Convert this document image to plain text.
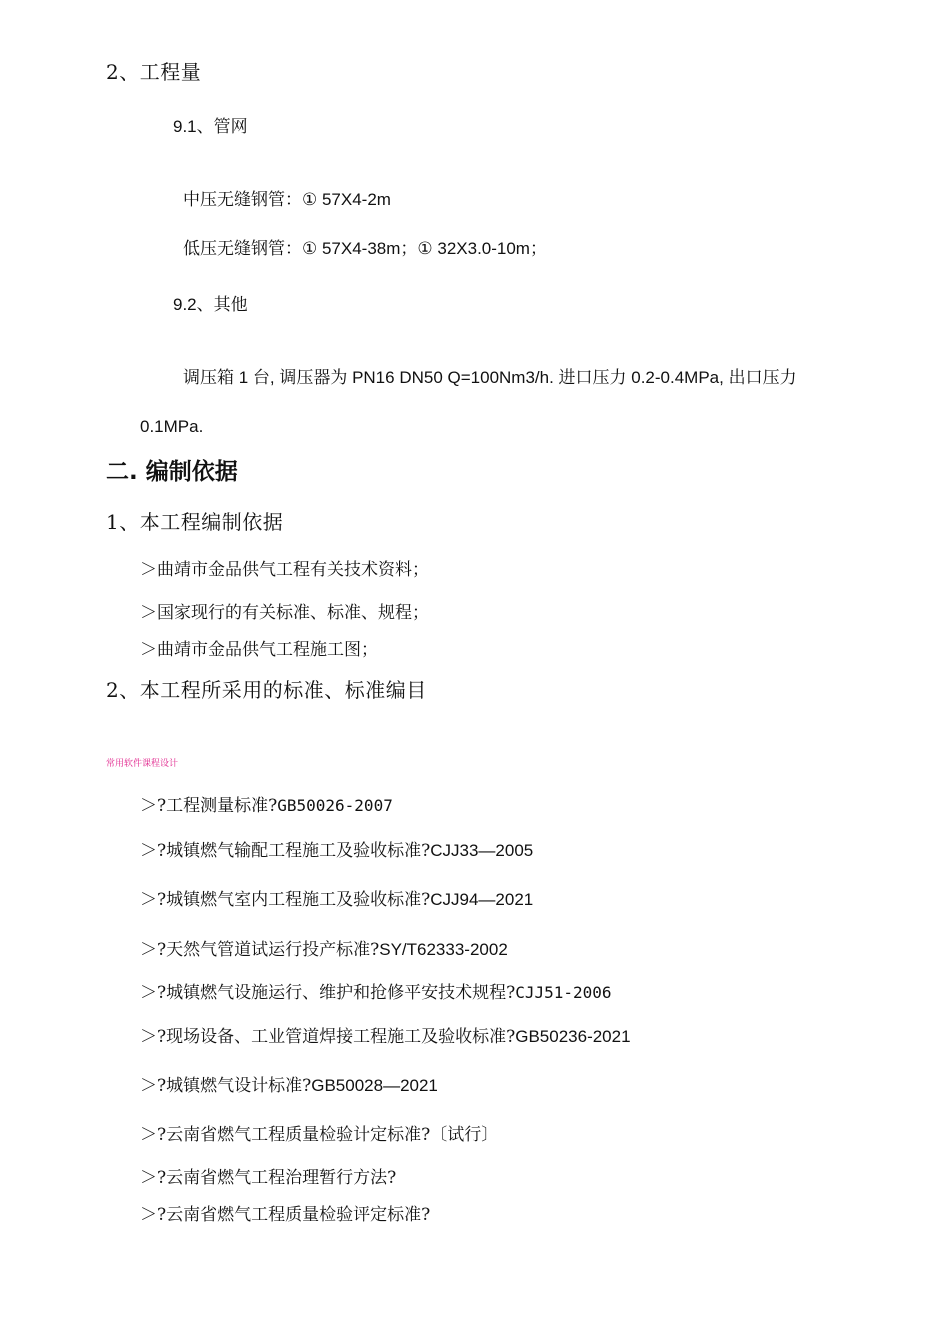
2、工程量
9.1、管网
中压无缝钢管：① 57X4-2m
低压无缝钢管：① 57X4-38m；① 32X3.0-10m；
9.2、其他
调压箱 1 台, 调压器为 PN16 DN50 Q=100Nm3/h. 进口压力 0.2-0.4MPa, 出口压力
0.1MPa.
二. 编制依据
1、本工程编制依据
＞曲靖市金品供气工程有关技术资料；
＞国家现行的有关标准、标准、规程；
＞曲靖市金品供气工程施工图；
2、本工程所采用的标准、标准编目
常用软件课程设计
＞?工程测量标准?GB50026-2007
＞?城镇燃气输配工程施工及验收标准?CJJ33—2005
＞?城镇燃气室内工程施工及验收标准?CJJ94—2021
＞?天然气管道试运行投产标准?SY/T62333-2002
＞?城镇燃气设施运行、维护和抢修平安技术规程?CJJ51-2006
＞?现场设备、工业管道焊接工程施工及验收标准?GB50236-2021
＞?城镇燃气设计标准?GB50028—2021
＞?云南省燃气工程质量检验计定标准?〔试行〕
＞?云南省燃气工程治理暂行方法?
＞?云南省燃气工程质量检验评定标准?
